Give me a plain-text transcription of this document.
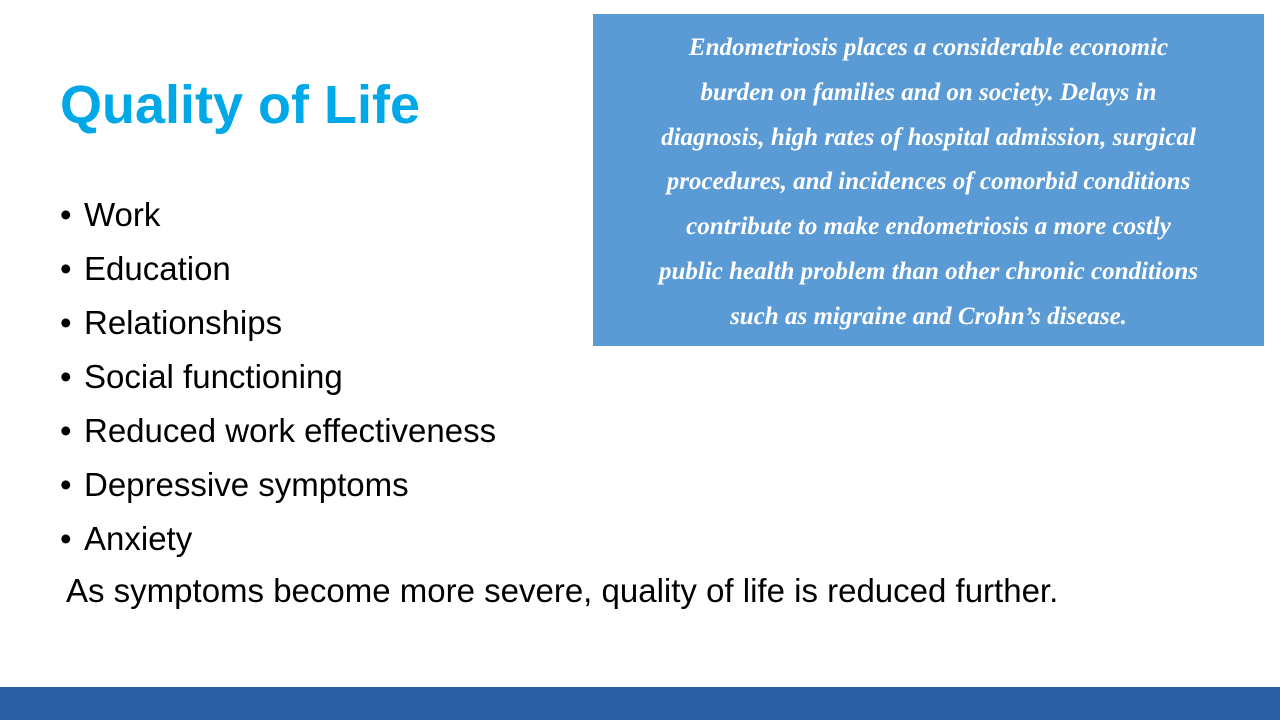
Quality of Life
• Work
• Education
• Relationships
• Social functioning
• Reduced work effectiveness
• Depressive symptoms
• Anxiety

As symptoms become more severe, quality of life is reduced further.

Endometriosis places a considerable economic
burden on families and on society. Delays in
diagnosis, high rates of hospital admission, surgical
procedures, and incidences of comorbid conditions
contribute to make endometriosis a more costly
public health problem than other chronic conditions
such as migraine and Crohn’s disease.
